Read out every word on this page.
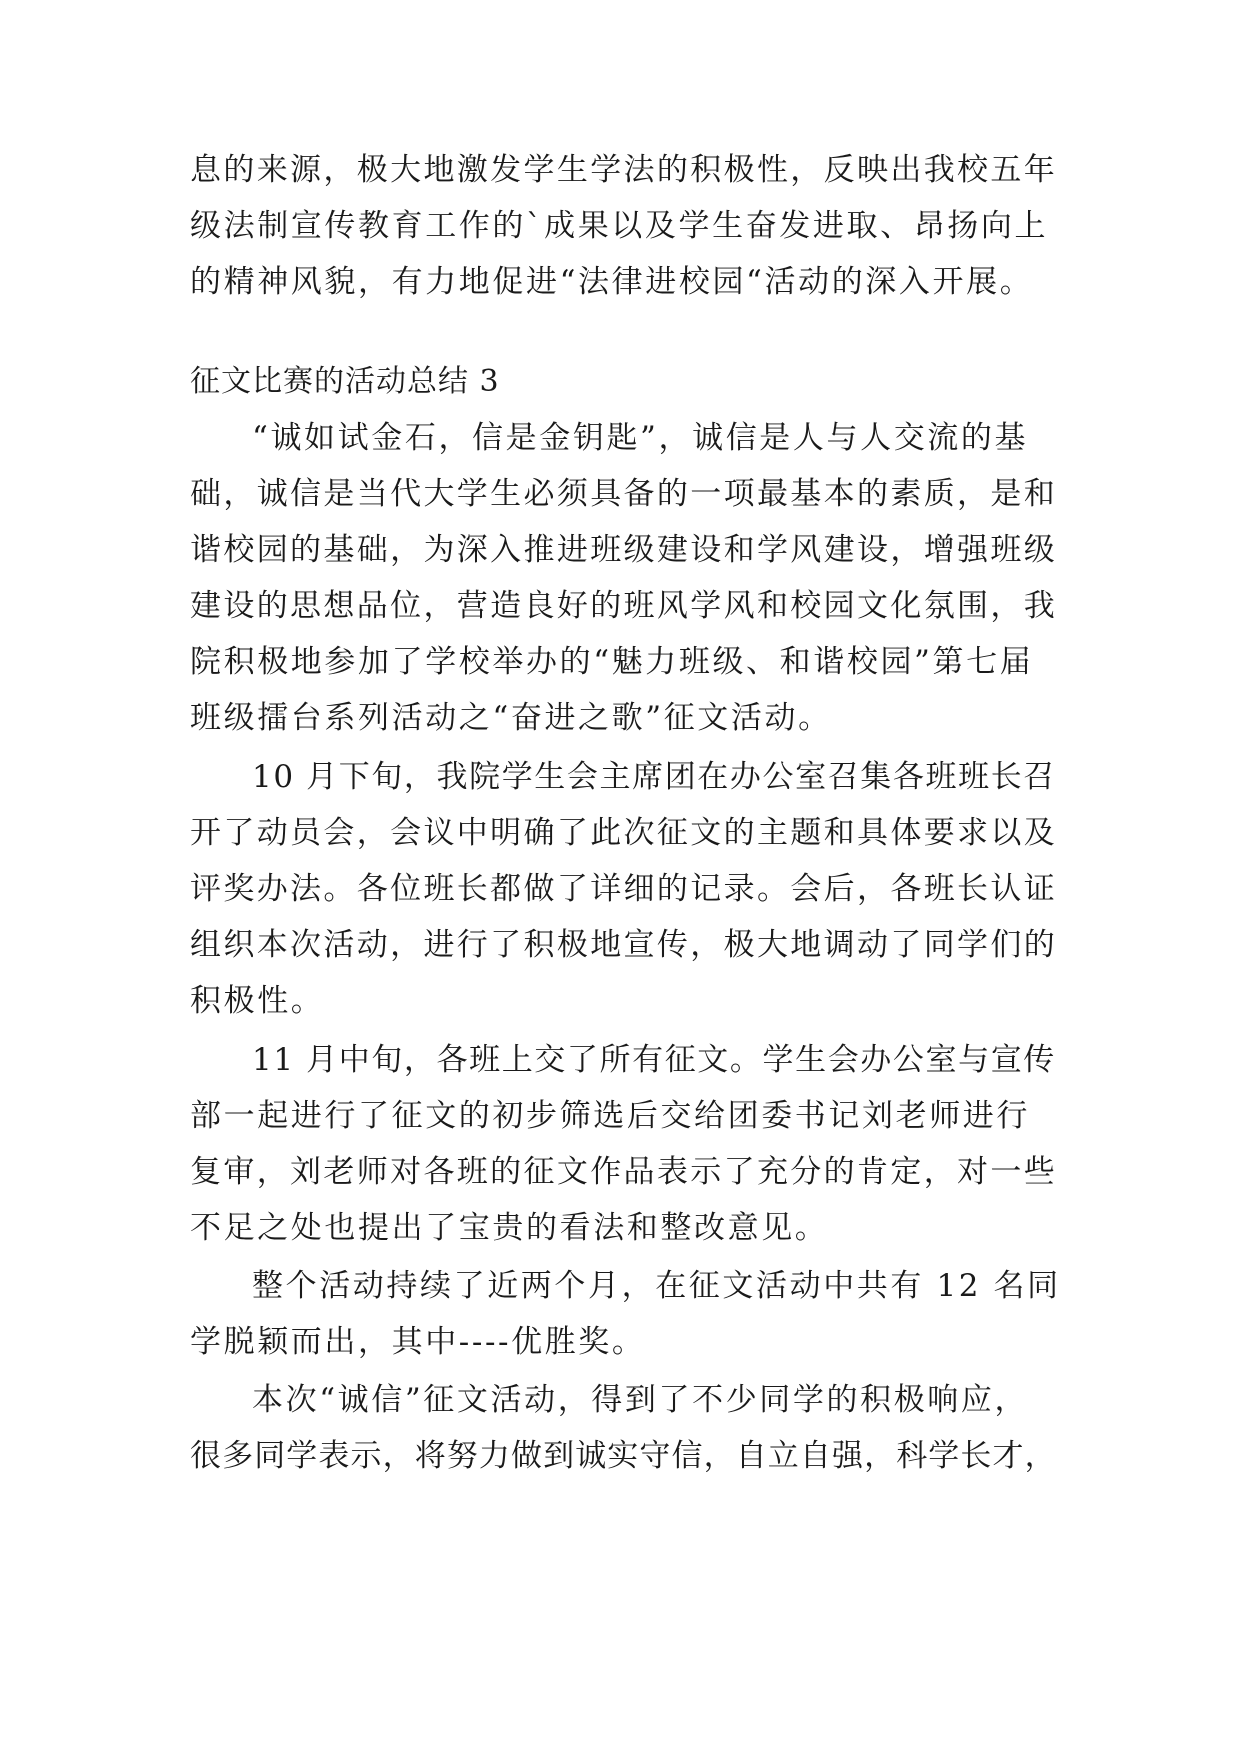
息的来源，极大地激发学生学法的积极性，反映出我校五年
级法制宣传教育工作的`成果以及学生奋发进取、昂扬向上
的精神风貌，有力地促进“法律进校园“活动的深入开展。
征文比赛的活动总结 3
“诚如试金石，信是金钥匙”，诚信是人与人交流的基
础，诚信是当代大学生必须具备的一项最基本的素质，是和
谐校园的基础，为深入推进班级建设和学风建设，增强班级
建设的思想品位，营造良好的班风学风和校园文化氛围，我
院积极地参加了学校举办的“魅力班级、和谐校园”第七届
班级擂台系列活动之“奋进之歌”征文活动。
10 月下旬，我院学生会主席团在办公室召集各班班长召
开了动员会，会议中明确了此次征文的主题和具体要求以及
评奖办法。各位班长都做了详细的记录。会后，各班长认证
组织本次活动，进行了积极地宣传，极大地调动了同学们的
积极性。
11 月中旬，各班上交了所有征文。学生会办公室与宣传
部一起进行了征文的初步筛选后交给团委书记刘老师进行
复审，刘老师对各班的征文作品表示了充分的肯定，对一些
不足之处也提出了宝贵的看法和整改意见。
整个活动持续了近两个月，在征文活动中共有 12 名同
学脱颖而出，其中----优胜奖。
本次“诚信”征文活动，得到了不少同学的积极响应，
很多同学表示，将努力做到诚实守信，自立自强，科学长才，
